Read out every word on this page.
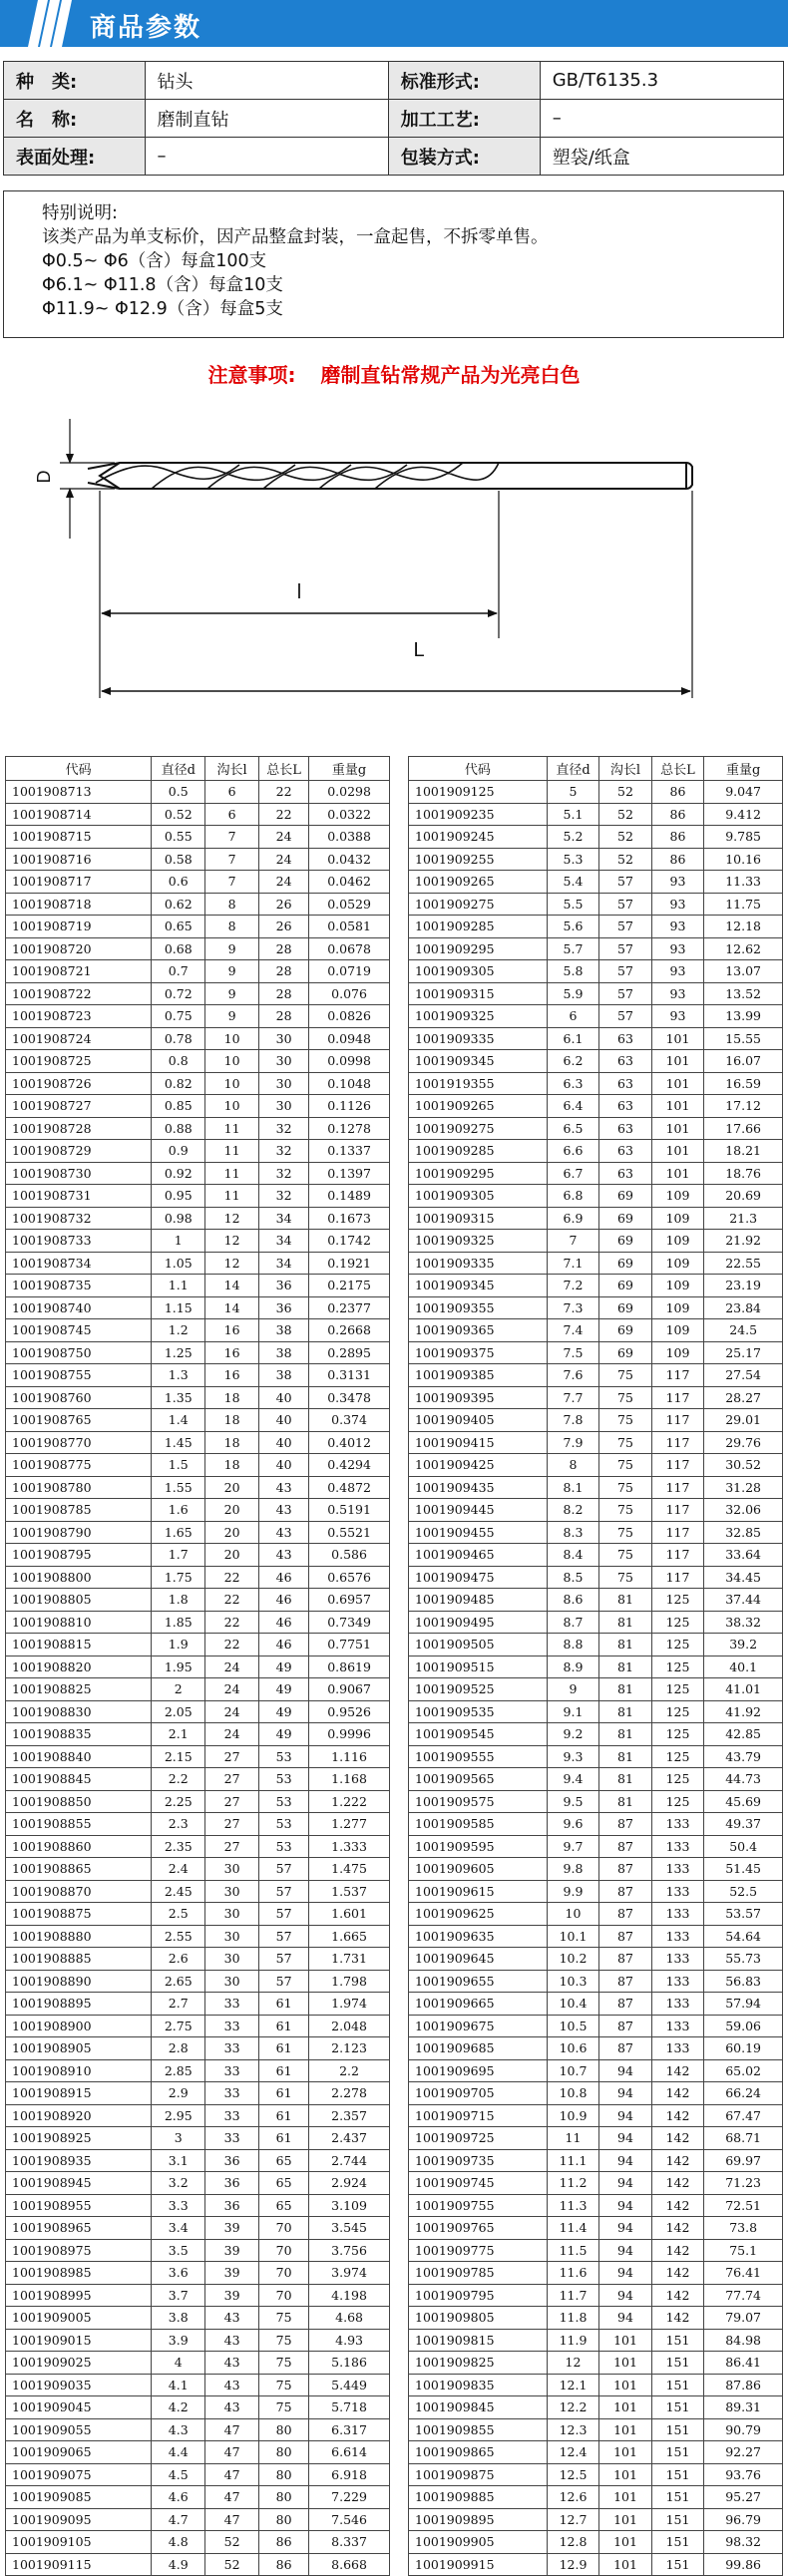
商品参数
种　类:	钻头	标准形式:	GB/T6135.3
名　称:	磨制直钻	加工工艺:	–
表面处理:	–	包装方式:	塑袋/纸盒
特别说明:
该类产品为单支标价，因产品整盒封装，一盒起售，不拆零单售。
Φ0.5~ Φ6（含）每盒100支
Φ6.1~ Φ11.8（含）每盒10支
Φ11.9~ Φ12.9（含）每盒5支
注意事项: 磨制直钻常规产品为光亮白色
D
l
L
代码	直径d	沟长l	总长L	重量g
1001908713	0.5	6	22	0.0298
1001908714	0.52	6	22	0.0322
1001908715	0.55	7	24	0.0388
1001908716	0.58	7	24	0.0432
1001908717	0.6	7	24	0.0462
1001908718	0.62	8	26	0.0529
1001908719	0.65	8	26	0.0581
1001908720	0.68	9	28	0.0678
1001908721	0.7	9	28	0.0719
1001908722	0.72	9	28	0.076
1001908723	0.75	9	28	0.0826
1001908724	0.78	10	30	0.0948
1001908725	0.8	10	30	0.0998
1001908726	0.82	10	30	0.1048
1001908727	0.85	10	30	0.1126
1001908728	0.88	11	32	0.1278
1001908729	0.9	11	32	0.1337
1001908730	0.92	11	32	0.1397
1001908731	0.95	11	32	0.1489
1001908732	0.98	12	34	0.1673
1001908733	1	12	34	0.1742
1001908734	1.05	12	34	0.1921
1001908735	1.1	14	36	0.2175
1001908740	1.15	14	36	0.2377
1001908745	1.2	16	38	0.2668
1001908750	1.25	16	38	0.2895
1001908755	1.3	16	38	0.3131
1001908760	1.35	18	40	0.3478
1001908765	1.4	18	40	0.374
1001908770	1.45	18	40	0.4012
1001908775	1.5	18	40	0.4294
1001908780	1.55	20	43	0.4872
1001908785	1.6	20	43	0.5191
1001908790	1.65	20	43	0.5521
1001908795	1.7	20	43	0.586
1001908800	1.75	22	46	0.6576
1001908805	1.8	22	46	0.6957
1001908810	1.85	22	46	0.7349
1001908815	1.9	22	46	0.7751
1001908820	1.95	24	49	0.8619
1001908825	2	24	49	0.9067
1001908830	2.05	24	49	0.9526
1001908835	2.1	24	49	0.9996
1001908840	2.15	27	53	1.116
1001908845	2.2	27	53	1.168
1001908850	2.25	27	53	1.222
1001908855	2.3	27	53	1.277
1001908860	2.35	27	53	1.333
1001908865	2.4	30	57	1.475
1001908870	2.45	30	57	1.537
1001908875	2.5	30	57	1.601
1001908880	2.55	30	57	1.665
1001908885	2.6	30	57	1.731
1001908890	2.65	30	57	1.798
1001908895	2.7	33	61	1.974
1001908900	2.75	33	61	2.048
1001908905	2.8	33	61	2.123
1001908910	2.85	33	61	2.2
1001908915	2.9	33	61	2.278
1001908920	2.95	33	61	2.357
1001908925	3	33	61	2.437
1001908935	3.1	36	65	2.744
1001908945	3.2	36	65	2.924
1001908955	3.3	36	65	3.109
1001908965	3.4	39	70	3.545
1001908975	3.5	39	70	3.756
1001908985	3.6	39	70	3.974
1001908995	3.7	39	70	4.198
1001909005	3.8	43	75	4.68
1001909015	3.9	43	75	4.93
1001909025	4	43	75	5.186
1001909035	4.1	43	75	5.449
1001909045	4.2	43	75	5.718
1001909055	4.3	47	80	6.317
1001909065	4.4	47	80	6.614
1001909075	4.5	47	80	6.918
1001909085	4.6	47	80	7.229
1001909095	4.7	47	80	7.546
1001909105	4.8	52	86	8.337
1001909115	4.9	52	86	8.668
代码	直径d	沟长l	总长L	重量g
1001909125	5	52	86	9.047
1001909235	5.1	52	86	9.412
1001909245	5.2	52	86	9.785
1001909255	5.3	52	86	10.16
1001909265	5.4	57	93	11.33
1001909275	5.5	57	93	11.75
1001909285	5.6	57	93	12.18
1001909295	5.7	57	93	12.62
1001909305	5.8	57	93	13.07
1001909315	5.9	57	93	13.52
1001909325	6	57	93	13.99
1001909335	6.1	63	101	15.55
1001909345	6.2	63	101	16.07
1001919355	6.3	63	101	16.59
1001909265	6.4	63	101	17.12
1001909275	6.5	63	101	17.66
1001909285	6.6	63	101	18.21
1001909295	6.7	63	101	18.76
1001909305	6.8	69	109	20.69
1001909315	6.9	69	109	21.3
1001909325	7	69	109	21.92
1001909335	7.1	69	109	22.55
1001909345	7.2	69	109	23.19
1001909355	7.3	69	109	23.84
1001909365	7.4	69	109	24.5
1001909375	7.5	69	109	25.17
1001909385	7.6	75	117	27.54
1001909395	7.7	75	117	28.27
1001909405	7.8	75	117	29.01
1001909415	7.9	75	117	29.76
1001909425	8	75	117	30.52
1001909435	8.1	75	117	31.28
1001909445	8.2	75	117	32.06
1001909455	8.3	75	117	32.85
1001909465	8.4	75	117	33.64
1001909475	8.5	75	117	34.45
1001909485	8.6	81	125	37.44
1001909495	8.7	81	125	38.32
1001909505	8.8	81	125	39.2
1001909515	8.9	81	125	40.1
1001909525	9	81	125	41.01
1001909535	9.1	81	125	41.92
1001909545	9.2	81	125	42.85
1001909555	9.3	81	125	43.79
1001909565	9.4	81	125	44.73
1001909575	9.5	81	125	45.69
1001909585	9.6	87	133	49.37
1001909595	9.7	87	133	50.4
1001909605	9.8	87	133	51.45
1001909615	9.9	87	133	52.5
1001909625	10	87	133	53.57
1001909635	10.1	87	133	54.64
1001909645	10.2	87	133	55.73
1001909655	10.3	87	133	56.83
1001909665	10.4	87	133	57.94
1001909675	10.5	87	133	59.06
1001909685	10.6	87	133	60.19
1001909695	10.7	94	142	65.02
1001909705	10.8	94	142	66.24
1001909715	10.9	94	142	67.47
1001909725	11	94	142	68.71
1001909735	11.1	94	142	69.97
1001909745	11.2	94	142	71.23
1001909755	11.3	94	142	72.51
1001909765	11.4	94	142	73.8
1001909775	11.5	94	142	75.1
1001909785	11.6	94	142	76.41
1001909795	11.7	94	142	77.74
1001909805	11.8	94	142	79.07
1001909815	11.9	101	151	84.98
1001909825	12	101	151	86.41
1001909835	12.1	101	151	87.86
1001909845	12.2	101	151	89.31
1001909855	12.3	101	151	90.79
1001909865	12.4	101	151	92.27
1001909875	12.5	101	151	93.76
1001909885	12.6	101	151	95.27
1001909895	12.7	101	151	96.79
1001909905	12.8	101	151	98.32
1001909915	12.9	101	151	99.86
